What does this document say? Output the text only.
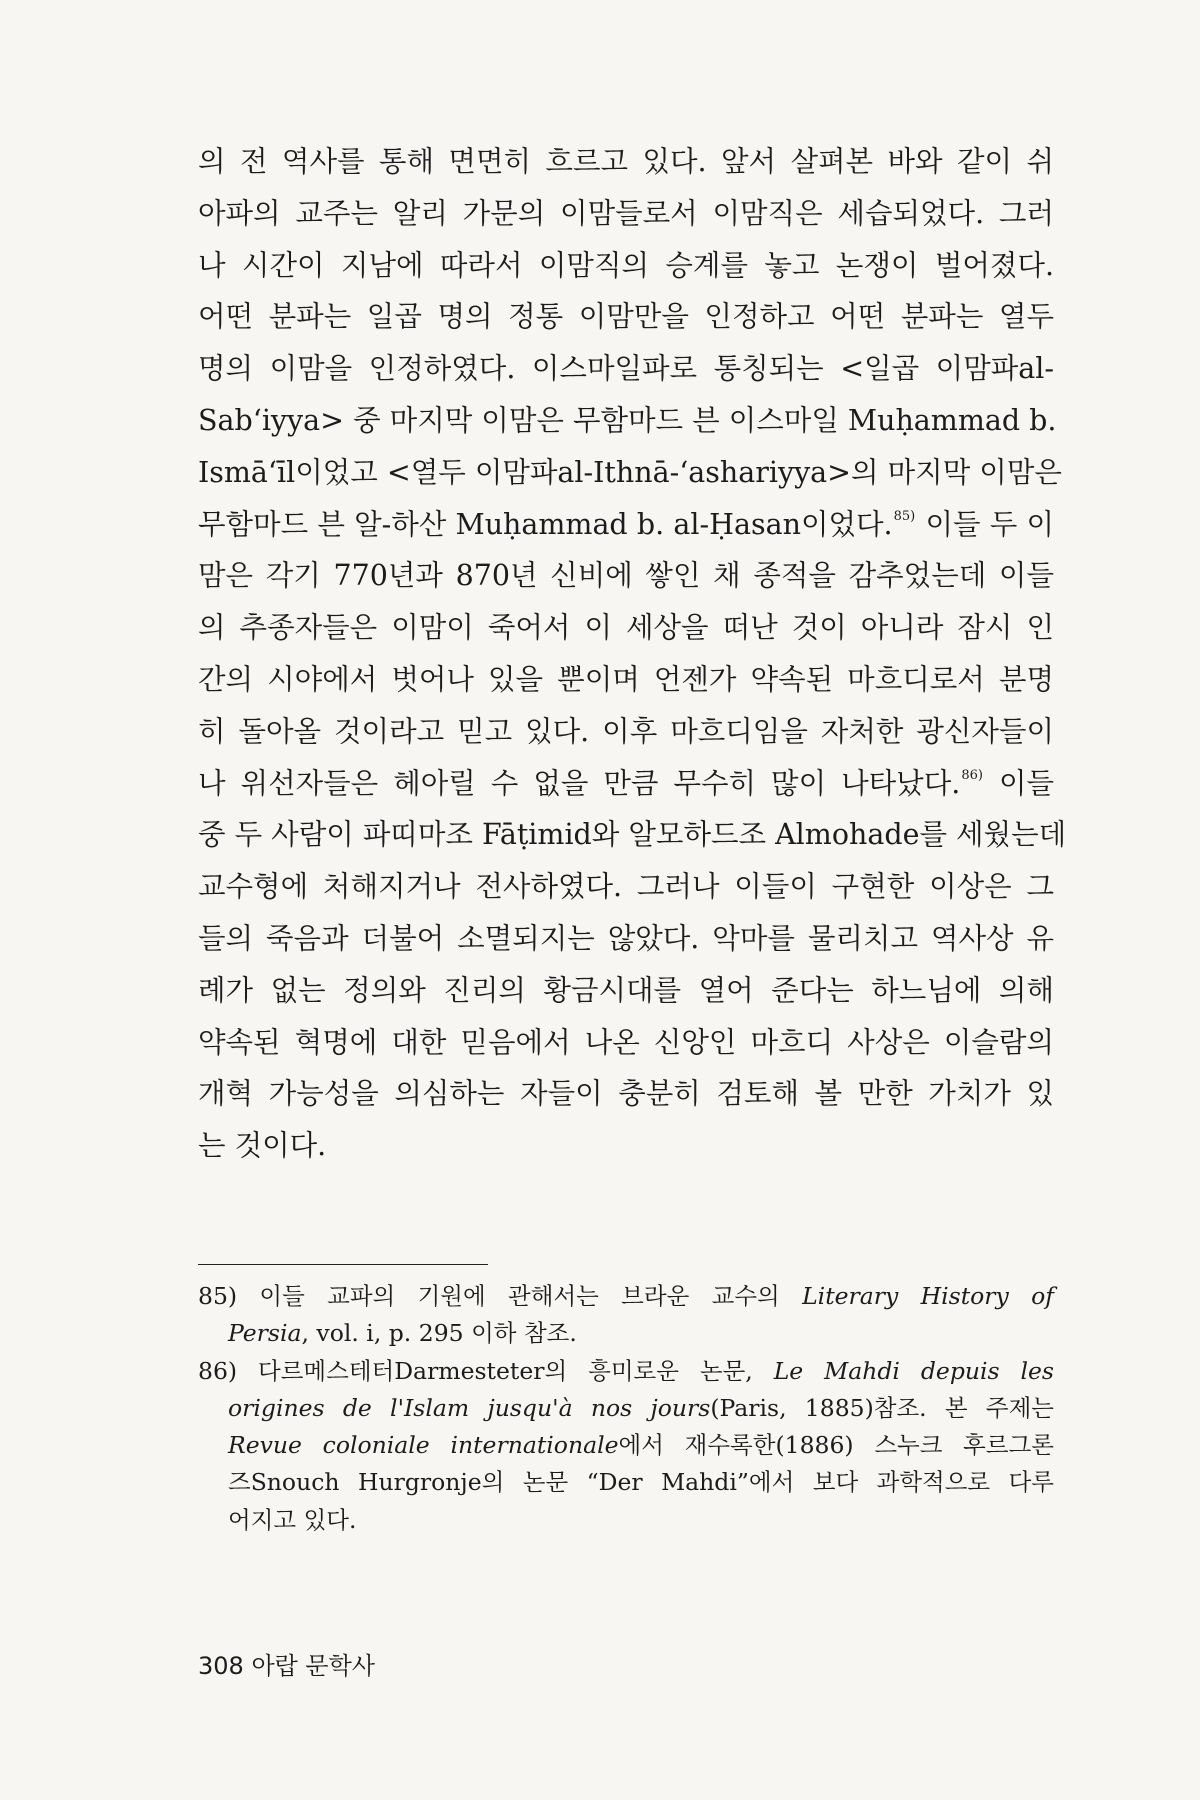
의 전 역사를 통해 면면히 흐르고 있다. 앞서 살펴본 바와 같이 쉬
아파의 교주는 알리 가문의 이맘들로서 이맘직은 세습되었다. 그러
나 시간이 지남에 따라서 이맘직의 승계를 놓고 논쟁이 벌어졌다.
어떤 분파는 일곱 명의 정통 이맘만을 인정하고 어떤 분파는 열두
명의 이맘을 인정하였다. 이스마일파로 통칭되는 <일곱 이맘파al-
Sab‘iyya> 중 마지막 이맘은 무함마드 븐 이스마일 Muḥammad b.
Ismā‘īl이었고 <열두 이맘파al-Ithnā-‘ashariyya>의 마지막 이맘은
무함마드 븐 알-하산 Muḥammad b. al-Ḥasan이었다.$^{85)}$ 이들 두 이
맘은 각기 770년과 870년 신비에 쌓인 채 종적을 감추었는데 이들
의 추종자들은 이맘이 죽어서 이 세상을 떠난 것이 아니라 잠시 인
간의 시야에서 벗어나 있을 뿐이며 언젠가 약속된 마흐디로서 분명
히 돌아올 것이라고 믿고 있다. 이후 마흐디임을 자처한 광신자들이
나 위선자들은 헤아릴 수 없을 만큼 무수히 많이 나타났다.$^{86)}$ 이들
중 두 사람이 파띠마조 Fāṭimid와 알모하드조 Almohade를 세웠는데
교수형에 처해지거나 전사하였다. 그러나 이들이 구현한 이상은 그
들의 죽음과 더불어 소멸되지는 않았다. 악마를 물리치고 역사상 유
례가 없는 정의와 진리의 황금시대를 열어 준다는 하느님에 의해
약속된 혁명에 대한 믿음에서 나온 신앙인 마흐디 사상은 이슬람의
개혁 가능성을 의심하는 자들이 충분히 검토해 볼 만한 가치가 있
는 것이다.
85) 이들 교파의 기원에 관해서는 브라운 교수의 Literary History of
Persia, vol. i, p. 295 이하 참조.
86) 다르메스테터Darmesteter의 흥미로운 논문, Le Mahdi depuis les
origines de l'Islam jusqu'à nos jours(Paris, 1885)참조. 본 주제는
Revue coloniale internationale에서 재수록한(1886) 스누크 후르그론
즈Snouch Hurgronje의 논문 “Der Mahdi”에서 보다 과학적으로 다루
어지고 있다.
308 아랍 문학사
